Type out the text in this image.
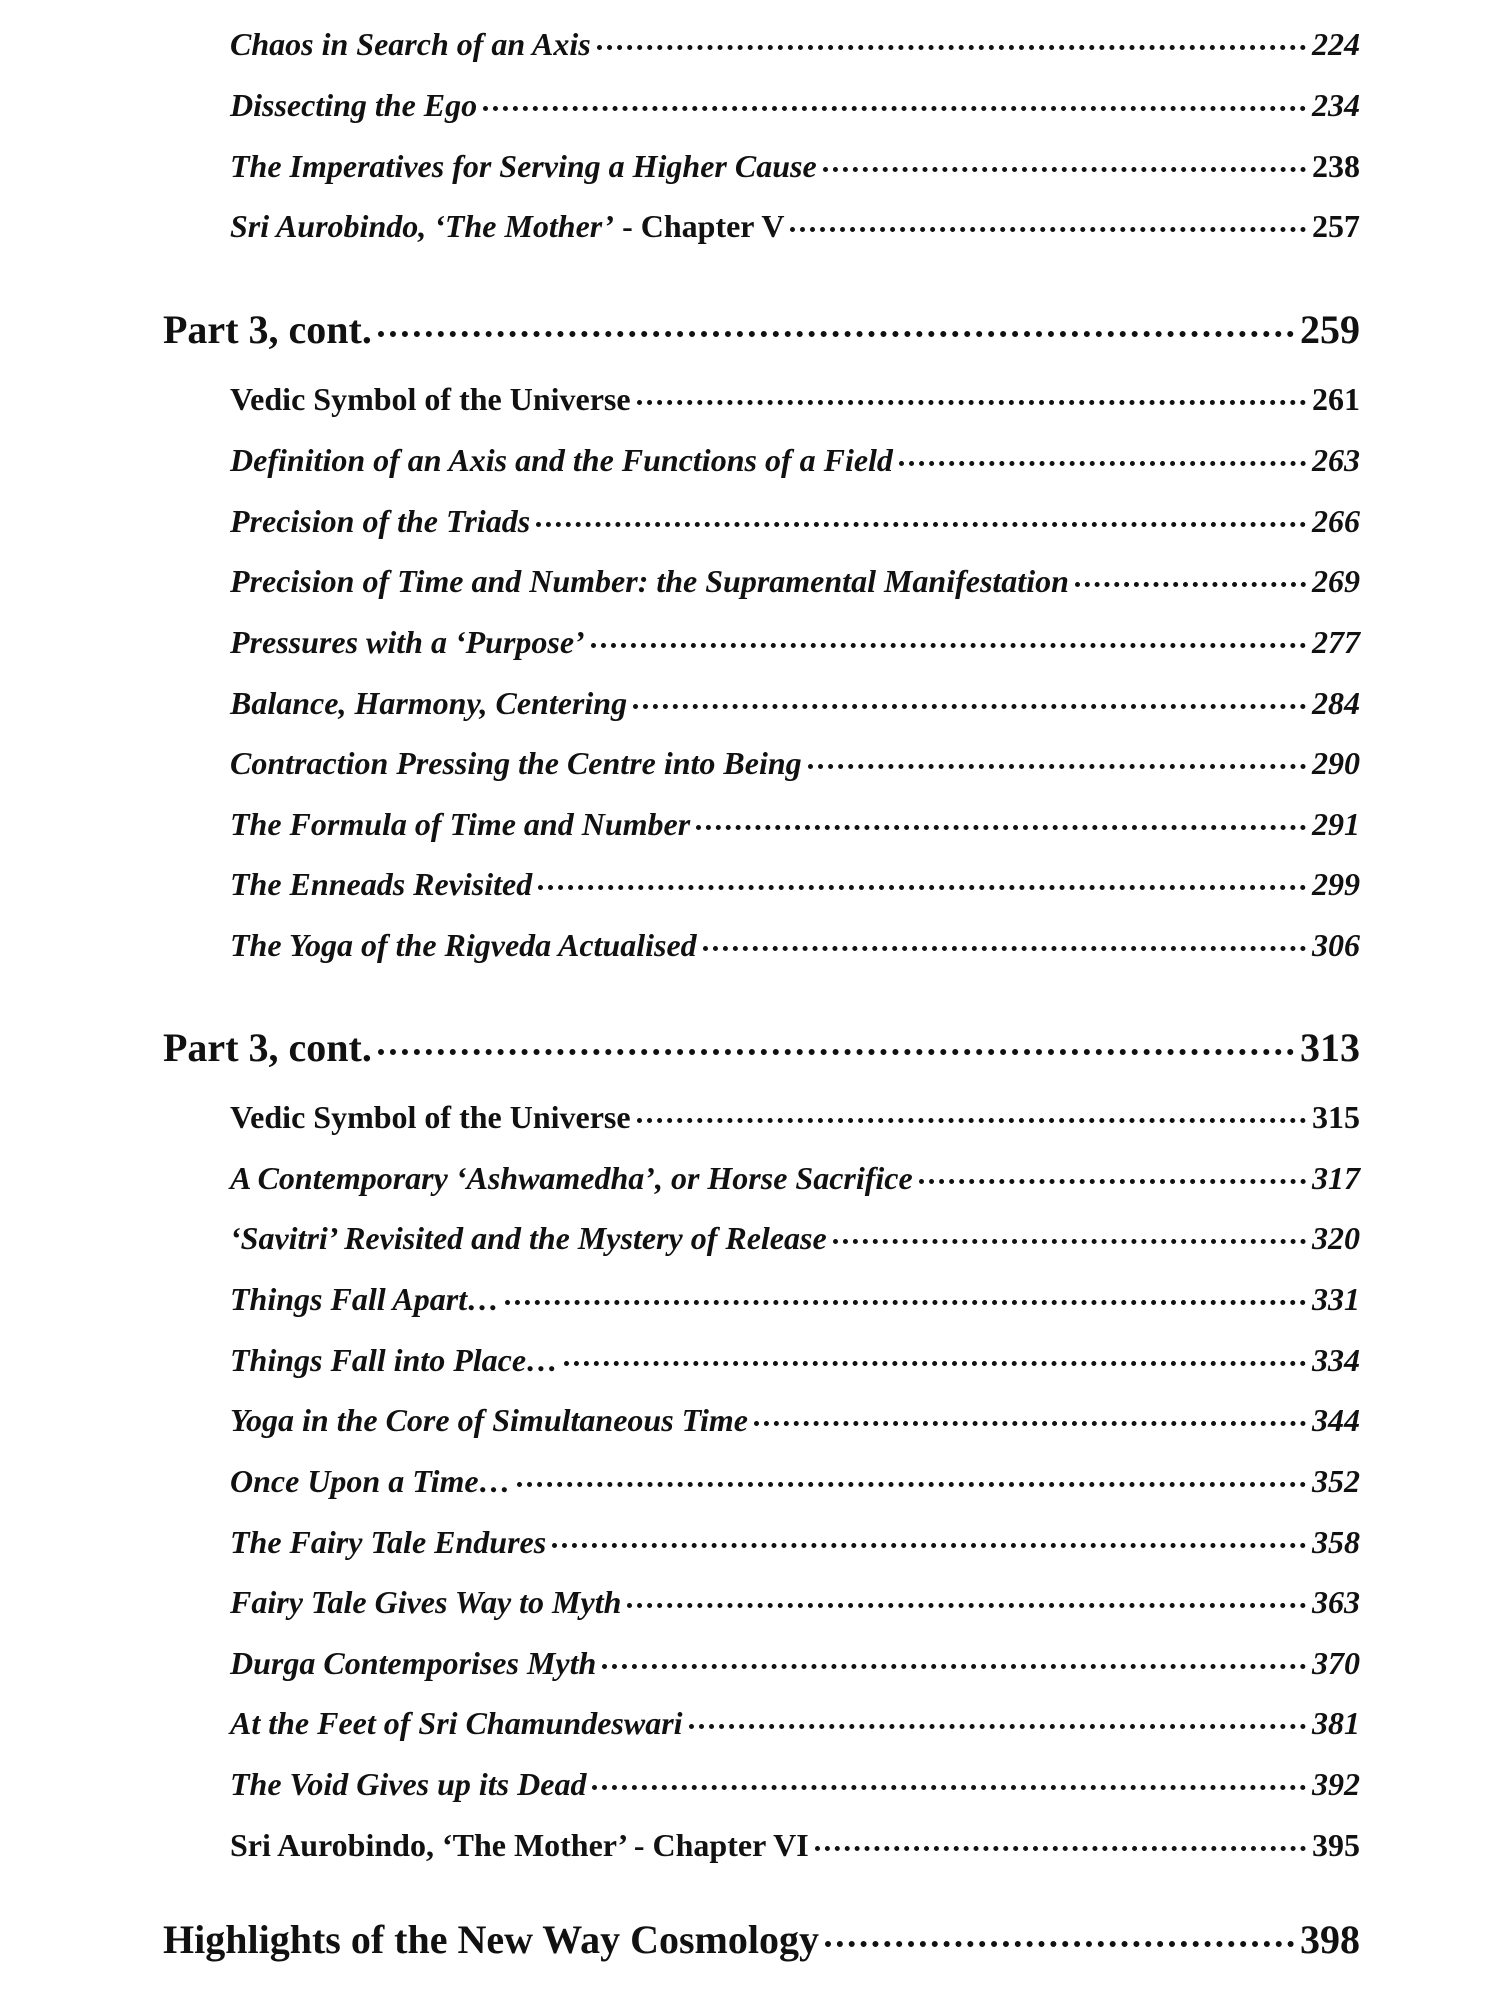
Chaos in Search of an Axis	224
Dissecting the Ego	234
The Imperatives for Serving a Higher Cause	238
Sri Aurobindo, ‘The Mother’ - Chapter V	257
Part 3, cont.	259
Vedic Symbol of the Universe	261
Definition of an Axis and the Functions of a Field	263
Precision of the Triads	266
Precision of Time and Number: the Supramental Manifestation	269
Pressures with a ‘Purpose’	277
Balance, Harmony, Centering	284
Contraction Pressing the Centre into Being	290
The Formula of Time and Number	291
The Enneads Revisited	299
The Yoga of the Rigveda Actualised	306
Part 3, cont.	313
Vedic Symbol of the Universe	315
A Contemporary ‘Ashwamedha’, or Horse Sacrifice	317
‘Savitri’ Revisited and the Mystery of Release	320
Things Fall Apart…	331
Things Fall into Place…	334
Yoga in the Core of Simultaneous Time	344
Once Upon a Time…	352
The Fairy Tale Endures	358
Fairy Tale Gives Way to Myth	363
Durga Contemporises Myth	370
At the Feet of Sri Chamundeswari	381
The Void Gives up its Dead	392
Sri Aurobindo, ‘The Mother’ - Chapter VI	395
Highlights of the New Way Cosmology	398
